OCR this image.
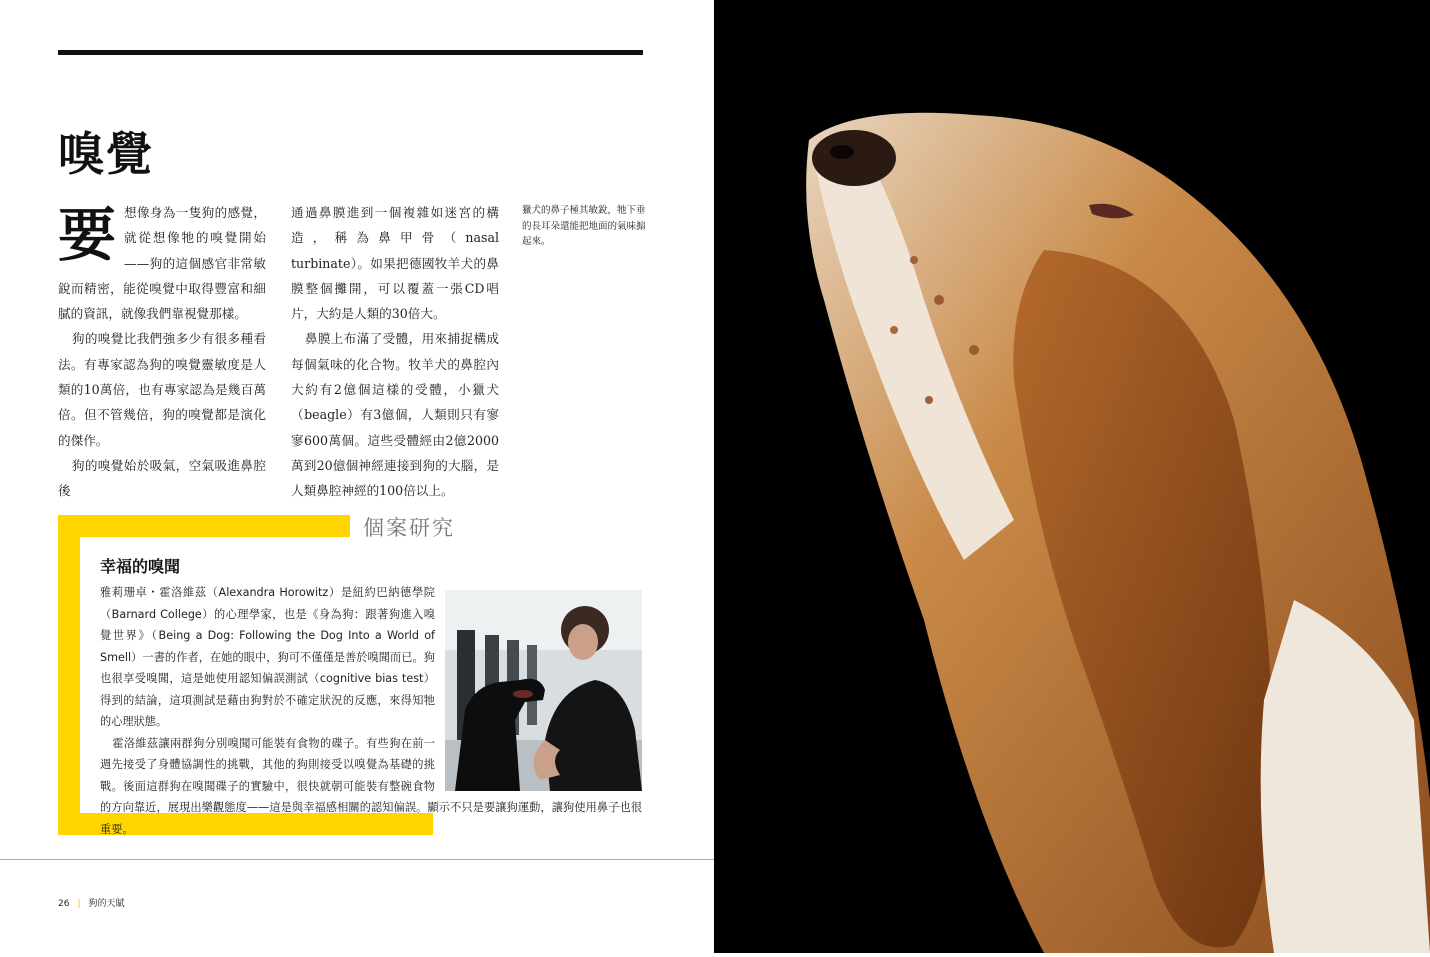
嗅覺

要想像身為一隻狗的感覺，就從想像牠的嗅覺開始——狗的這個感官非常敏銳而精密，能從嗅覺中取得豐富和細膩的資訊，就像我們靠視覺那樣。

狗的嗅覺比我們強多少有很多種看法。有專家認為狗的嗅覺靈敏度是人類的10萬倍，也有專家認為是幾百萬倍。但不管幾倍，狗的嗅覺都是演化的傑作。

狗的嗅覺始於吸氣，空氣吸進鼻腔後

通過鼻膜進到一個複雜如迷宮的構造，稱為鼻甲骨（nasal turbinate）。如果把德國牧羊犬的鼻膜整個攤開，可以覆蓋一張CD唱片，大約是人類的30倍大。

鼻膜上布滿了受體，用來捕捉構成每個氣味的化合物。牧羊犬的鼻腔內大約有2億個這樣的受體，小獵犬（beagle）有3億個，人類則只有寥寥600萬個。這些受體經由2億2000萬到20億個神經連接到狗的大腦，是人類鼻腔神經的100倍以上。

獵犬的鼻子極其敏銳，牠下垂的長耳朵還能把地面的氣味搧起來。
個案研究
幸福的嗅聞

雅莉珊卓・霍洛維茲（Alexandra Horowitz）是紐約巴納德學院（Barnard College）的心理學家，也是《身為狗：跟著狗進入嗅覺世界》（Being a Dog: Following the Dog Into a World of Smell）一書的作者，在她的眼中，狗可不僅僅是善於嗅聞而已。狗也很享受嗅聞，這是她使用認知偏誤測試（cognitive bias test）得到的結論，這項測試是藉由狗對於不確定狀況的反應，來得知牠的心理狀態。

霍洛維茲讓兩群狗分別嗅聞可能裝有食物的碟子。有些狗在前一週先接受了身體協調性的挑戰，其他的狗則接受以嗅覺為基礎的挑戰。後面這群狗在嗅聞碟子的實驗中，很快就朝可能裝有整碗食物的方向靠近，展現出樂觀態度——這是與幸福感相關的認知偏誤。顯示不只是要讓狗運動，讓狗使用鼻子也很重要。

26 | 狗的天賦
